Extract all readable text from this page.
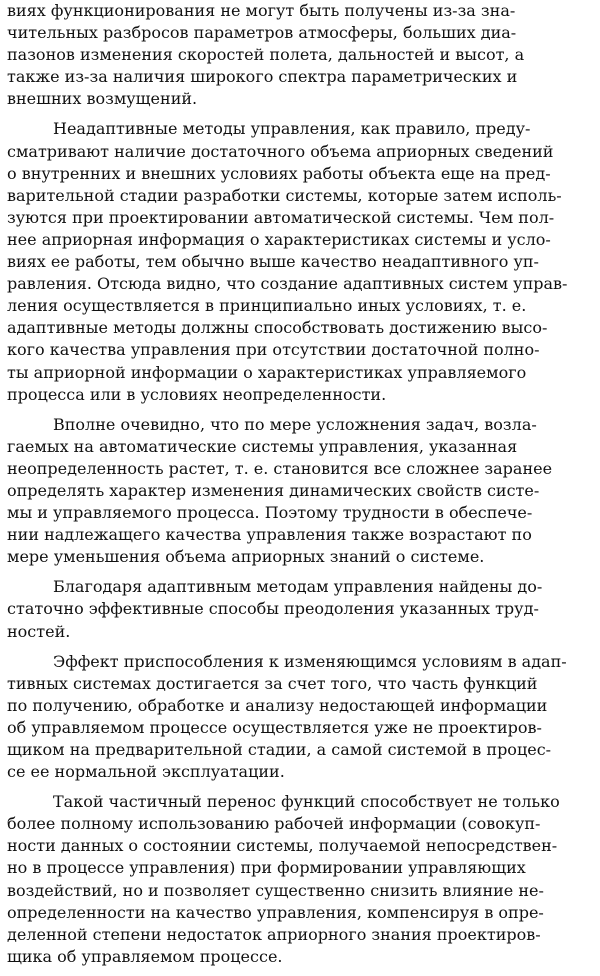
виях функционирования не могут быть получены из-за зна-
чительных разбросов параметров атмосферы, больших диа-
пазонов изменения скоростей полета, дальностей и высот, а
также из-за наличия широкого спектра параметрических и
внешних возмущений.

Неадаптивные методы управления, как правило, преду-
сматривают наличие достаточного объема априорных сведений
о внутренних и внешних условиях работы объекта еще на пред-
варительной стадии разработки системы, которые затем исполь-
зуются при проектировании автоматической системы. Чем пол-
нее априорная информация о характеристиках системы и усло-
виях ее работы, тем обычно выше качество неадаптивного уп-
равления. Отсюда видно, что создание адаптивных систем управ-
ления осуществляется в принципиально иных условиях, т. е.
адаптивные методы должны способствовать достижению высо-
кого качества управления при отсутствии достаточной полно-
ты априорной информации о характеристиках управляемого
процесса или в условиях неопределенности.

Вполне очевидно, что по мере усложнения задач, возла-
гаемых на автоматические системы управления, указанная
неопределенность растет, т. е. становится все сложнее заранее
определять характер изменения динамических свойств систе-
мы и управляемого процесса. Поэтому трудности в обеспече-
нии надлежащего качества управления также возрастают по
мере уменьшения объема априорных знаний о системе.

Благодаря адаптивным методам управления найдены до-
статочно эффективные способы преодоления указанных труд-
ностей.

Эффект приспособления к изменяющимся условиям в адап-
тивных системах достигается за счет того, что часть функций
по получению, обработке и анализу недостающей информации
об управляемом процессе осуществляется уже не проектиров-
щиком на предварительной стадии, а самой системой в процес-
се ее нормальной эксплуатации.

Такой частичный перенос функций способствует не только
более полному использованию рабочей информации (совокуп-
ности данных о состоянии системы, получаемой непосредствен-
но в процессе управления) при формировании управляющих
воздействий, но и позволяет существенно снизить влияние не-
определенности на качество управления, компенсируя в опре-
деленной степени недостаток априорного знания проектиров-
щика об управляемом процессе.
